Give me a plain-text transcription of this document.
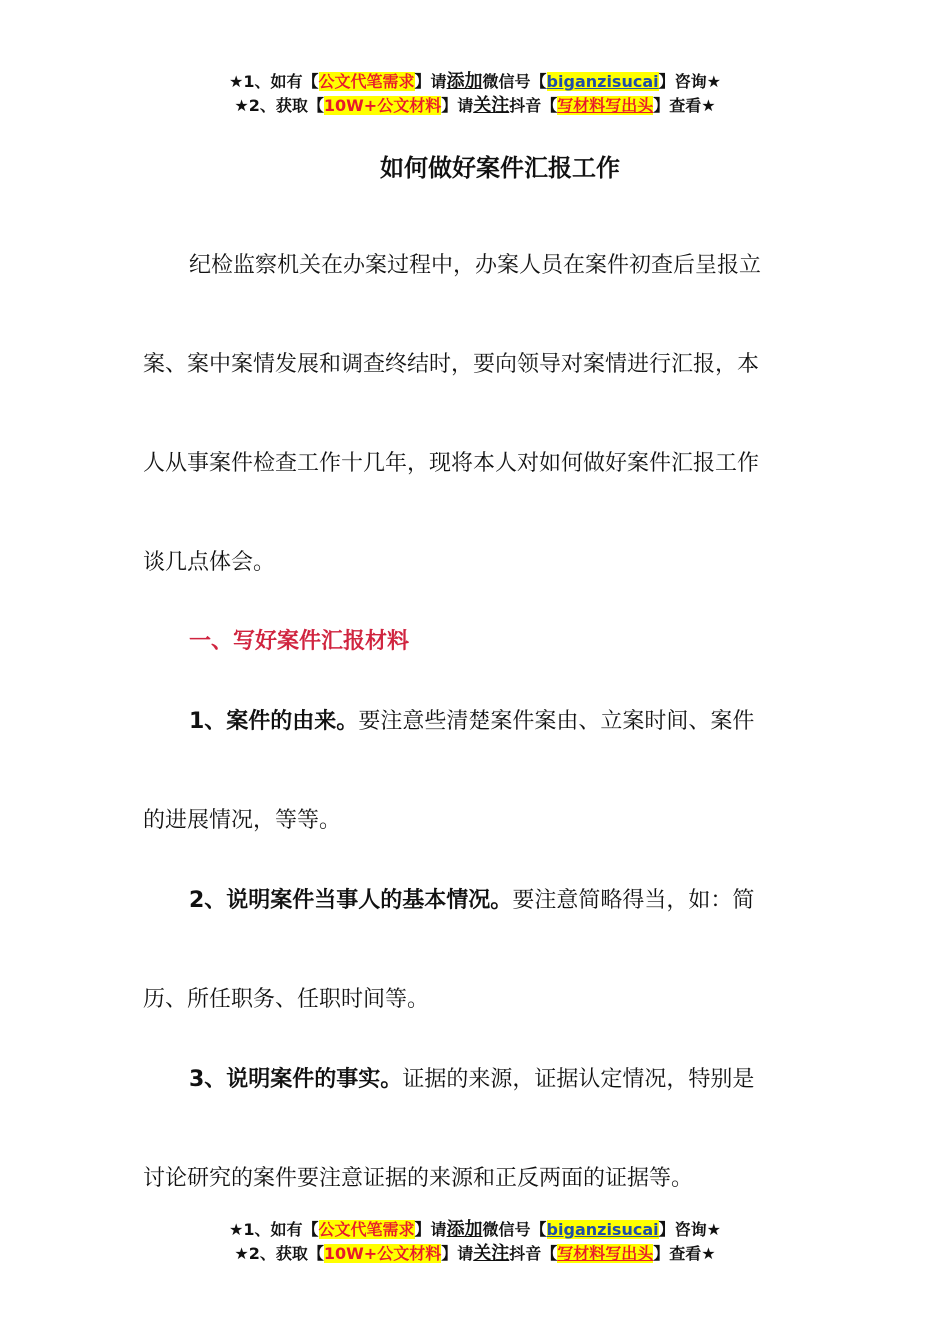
★1、如有【公文代笔需求】请添加微信号【biganzisucai】咨询★
★2、获取【10W+公文材料】请关注抖音【写材料写出头】查看★
如何做好案件汇报工作
纪检监察机关在办案过程中，办案人员在案件初查后呈报立
案、案中案情发展和调查终结时，要向领导对案情进行汇报，本
人从事案件检查工作十几年，现将本人对如何做好案件汇报工作
谈几点体会。
一、写好案件汇报材料
1、案件的由来。要注意些清楚案件案由、立案时间、案件
的进展情况，等等。
2、说明案件当事人的基本情况。要注意简略得当，如：简
历、所任职务、任职时间等。
3、说明案件的事实。证据的来源，证据认定情况，特别是
讨论研究的案件要注意证据的来源和正反两面的证据等。
★1、如有【公文代笔需求】请添加微信号【biganzisucai】咨询★
★2、获取【10W+公文材料】请关注抖音【写材料写出头】查看★
